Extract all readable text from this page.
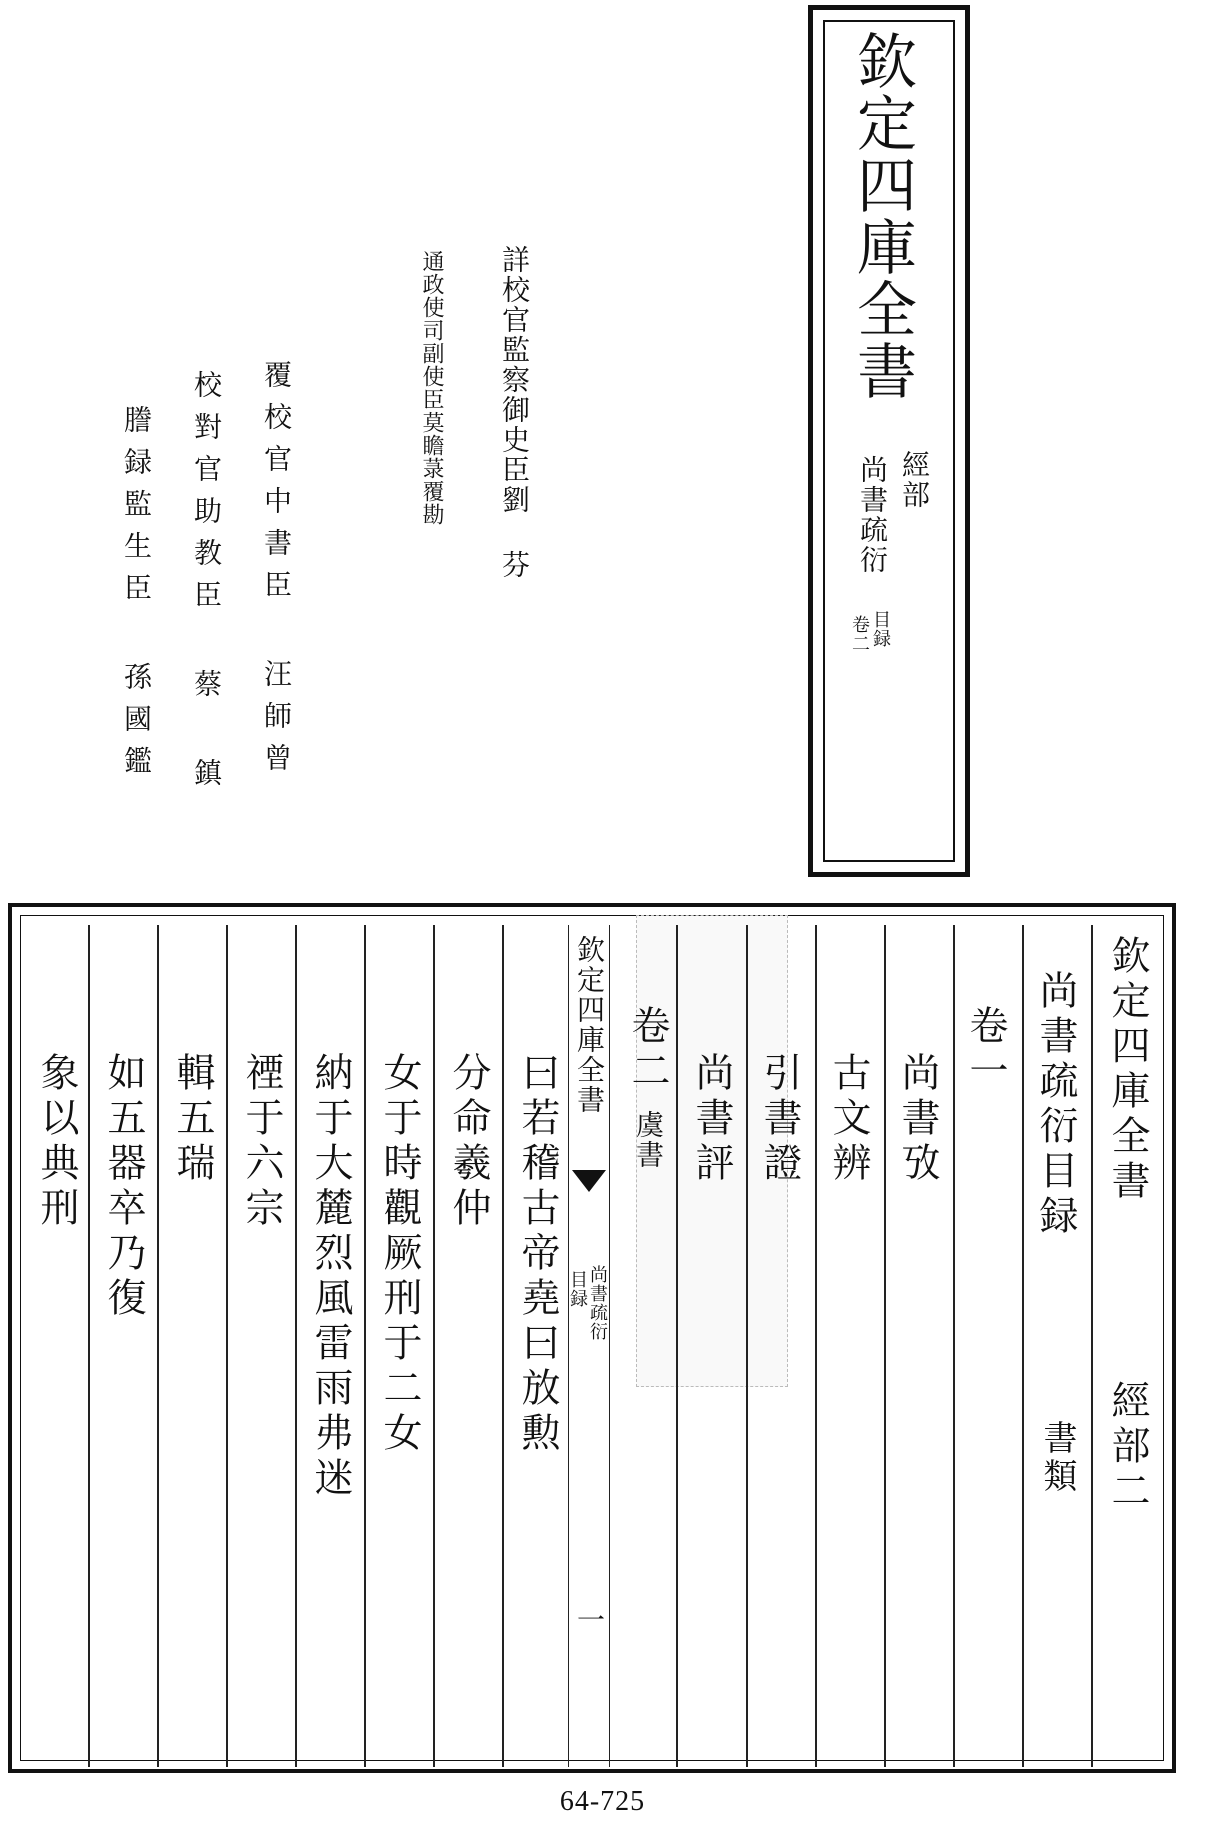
欽定四庫全書
經部
尚書疏衍
目録
卷二
詳校官監察御史臣劉 芬
通政使司副使臣莫瞻菉覆勘
覆校官中書臣 汪師曾
校對官助教臣 蔡 鎮
謄録監生臣 孫國鑑
欽定四庫全書
經部二
尚書疏衍目録
書類
卷一
尚書攷
古文辨
引書證
尚書評
卷二
虞書
欽定四庫全書
尚書疏衍
目録
一
曰若稽古帝堯曰放勲
分命羲仲
女于時觀厥刑于二女
納于大麓烈風雷雨弗迷
禋于六宗
輯五瑞
如五器卒乃復
象以典刑
64-725
